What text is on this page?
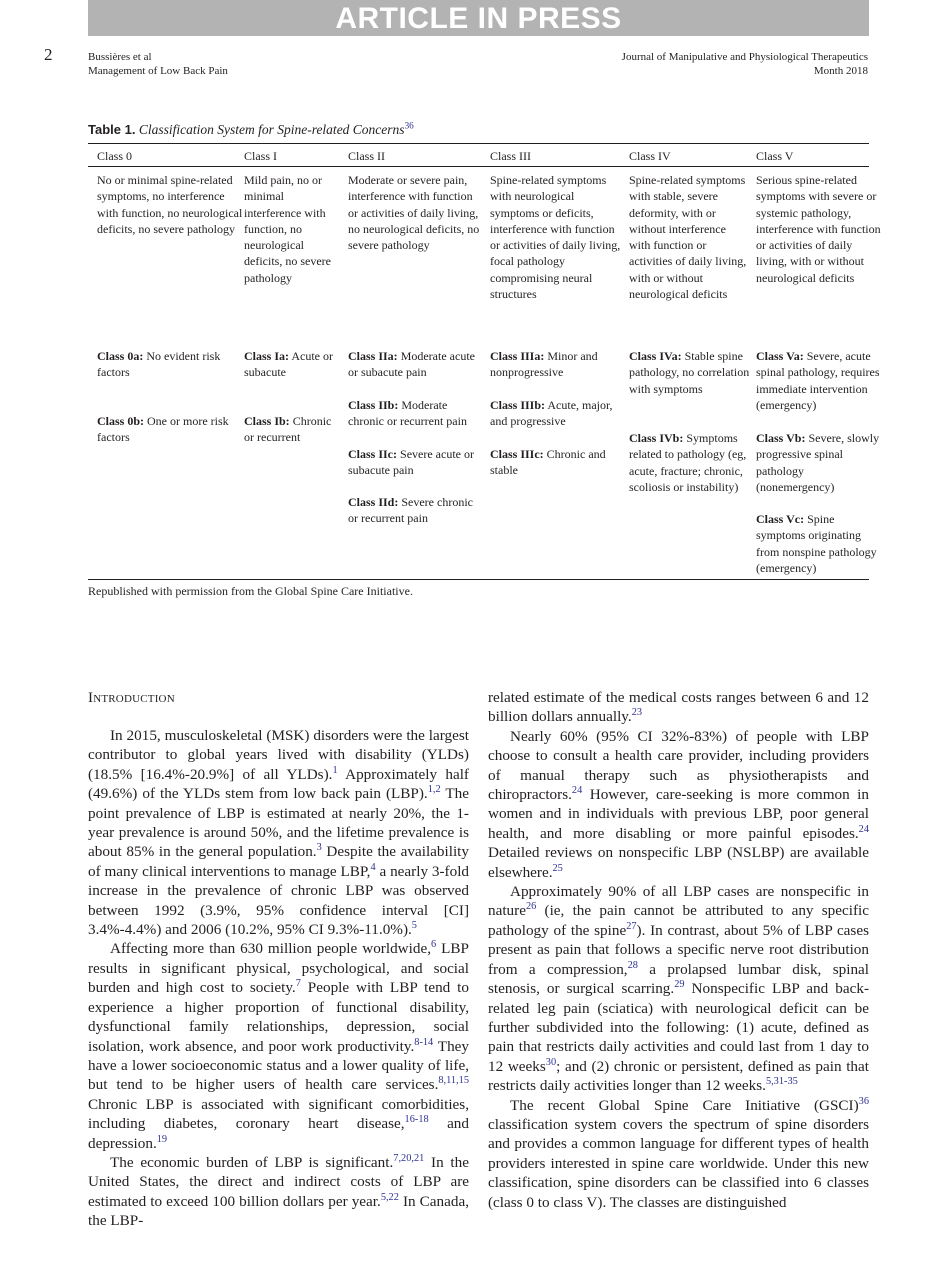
ARTICLE IN PRESS
2	Bussières et al
Management of Low Back Pain
Journal of Manipulative and Physiological Therapeutics
Month 2018
Table 1. Classification System for Spine-related Concerns$^{36}$
Class 0
No or minimal spine-related symptoms, no interference with function, no neurological deficits, no severe pathology
Class 0a: No evident risk factors
Class 0b: One or more risk factors
Class I
Mild pain, no or minimal interference with function, no neurological deficits, no severe pathology
Class Ia: Acute or subacute
Class Ib: Chronic or recurrent
Class II
Moderate or severe pain, interference with function or activities of daily living, no neurological deficits, no severe pathology
Class IIa: Moderate acute or subacute pain
Class IIb: Moderate chronic or recurrent pain
Class IIc: Severe acute or subacute pain
Class IId: Severe chronic or recurrent pain
Class III
Spine-related symptoms with neurological symptoms or deficits, interference with function or activities of daily living, focal pathology compromising neural structures
Class IIIa: Minor and nonprogressive
Class IIIb: Acute, major, and progressive
Class IIIc: Chronic and stable
Class IV
Spine-related symptoms with stable, severe deformity, with or without interference with function or activities of daily living, with or without neurological deficits
Class IVa: Stable spine pathology, no correlation with symptoms
Class IVb: Symptoms related to pathology (eg, acute, fracture; chronic, scoliosis or instability)
Class V
Serious spine-related symptoms with severe or systemic pathology, interference with function or activities of daily living, with or without neurological deficits
Class Va: Severe, acute spinal pathology, requires immediate intervention (emergency)
Class Vb: Severe, slowly progressive spinal pathology (nonemergency)
Class Vc: Spine symptoms originating from nonspine pathology (emergency)
Republished with permission from the Global Spine Care Initiative.
INTRODUCTION

In 2015, musculoskeletal (MSK) disorders were the largest contributor to global years lived with disability (YLDs) (18.5% [16.4%-20.9%] of all YLDs).$^1$ Approximately half (49.6%) of the YLDs stem from low back pain (LBP).$^{1,2}$ The point prevalence of LBP is estimated at nearly 20%, the 1-year prevalence is around 50%, and the lifetime prevalence is about 85% in the general population.$^3$ Despite the availability of many clinical interventions to manage LBP,$^4$ a nearly 3-fold increase in the prevalence of chronic LBP was observed between 1992 (3.9%, 95% confidence interval [CI] 3.4%-4.4%) and 2006 (10.2%, 95% CI 9.3%-11.0%).$^5$

Affecting more than 630 million people worldwide,$^6$ LBP results in significant physical, psychological, and social burden and high cost to society.$^7$ People with LBP tend to experience a higher proportion of functional disability, dysfunctional family relationships, depression, social isolation, work absence, and poor work productivity.$^{8-14}$ They have a lower socioeconomic status and a lower quality of life, but tend to be higher users of health care services.$^{8,11,15}$ Chronic LBP is associated with significant comorbidities, including diabetes, coronary heart disease,$^{16-18}$ and depression.$^{19}$

The economic burden of LBP is significant.$^{7,20,21}$ In the United States, the direct and indirect costs of LBP are estimated to exceed 100 billion dollars per year.$^{5,22}$ In Canada, the LBP-

related estimate of the medical costs ranges between 6 and 12 billion dollars annually.$^{23}$

Nearly 60% (95% CI 32%-83%) of people with LBP choose to consult a health care provider, including providers of manual therapy such as physiotherapists and chiropractors.$^{24}$ However, care-seeking is more common in women and in individuals with previous LBP, poor general health, and more disabling or more painful episodes.$^{24}$ Detailed reviews on nonspecific LBP (NSLBP) are available elsewhere.$^{25}$

Approximately 90% of all LBP cases are nonspecific in nature$^{26}$ (ie, the pain cannot be attributed to any specific pathology of the spine$^{27}$). In contrast, about 5% of LBP cases present as pain that follows a specific nerve root distribution from a compression,$^{28}$ a prolapsed lumbar disk, spinal stenosis, or surgical scarring.$^{29}$ Nonspecific LBP and back-related leg pain (sciatica) with neurological deficit can be further subdivided into the following: (1) acute, defined as pain that restricts daily activities and could last from 1 day to 12 weeks$^{30}$; and (2) chronic or persistent, defined as pain that restricts daily activities longer than 12 weeks.$^{5,31-35}$

The recent Global Spine Care Initiative (GSCI)$^{36}$ classification system covers the spectrum of spine disorders and provides a common language for different types of health providers interested in spine care worldwide. Under this new classification, spine disorders can be classified into 6 classes (class 0 to class V). The classes are distinguished
